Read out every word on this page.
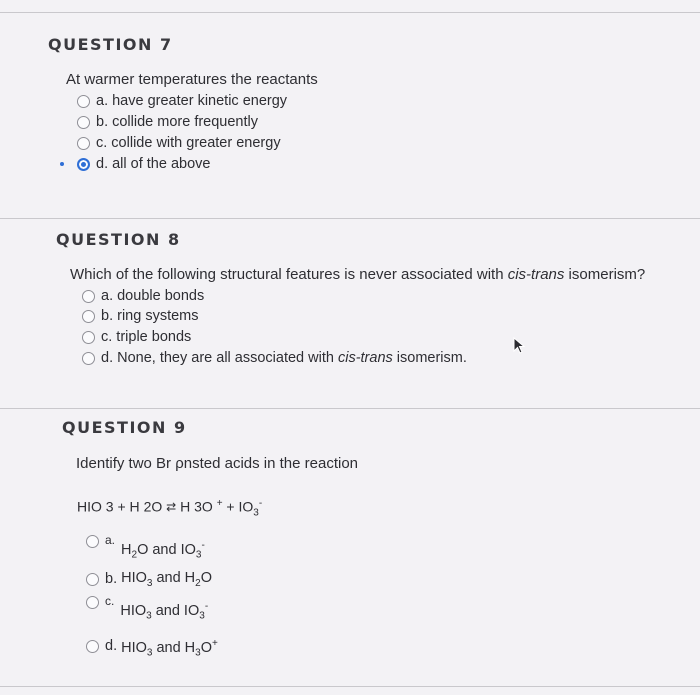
QUESTION 7
At warmer temperatures the reactants
a. have greater kinetic energy
b. collide more frequently
c. collide with greater energy
d. all of the above
QUESTION 8
Which of the following structural features is never associated with cis-trans isomerism?
a. double bonds
b. ring systems
c. triple bonds
d. None, they are all associated with cis-trans isomerism.
QUESTION 9
Identify two Br ρnsted acids in the reaction
HIO 3 + H 2O ⇄ H 3O $^+ + IO_3^-$
a.
$H_2O$ and $IO_3^-$
b. $HIO_3$ and $H_2O$
c.
$HIO_3$ and $IO_3^-$
d. $HIO_3$ and $H_3O^+$
